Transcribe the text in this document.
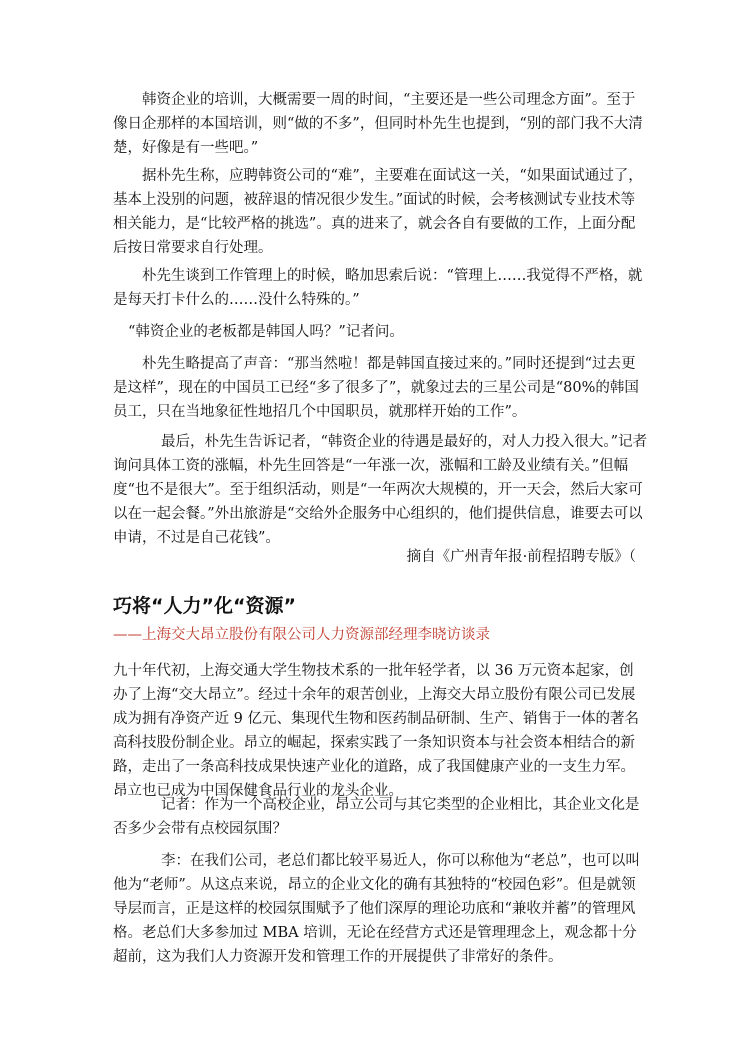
韩资企业的培训，大概需要一周的时间，“主要还是一些公司理念方面”。至于像日企那样的本国培训，则“做的不多”，但同时朴先生也提到，“别的部门我不大清楚，好像是有一些吧。”

据朴先生称，应聘韩资公司的“难”，主要难在面试这一关，“如果面试通过了，基本上没别的问题，被辞退的情况很少发生。”面试的时候，会考核测试专业技术等相关能力，是“比较严格的挑选”。真的进来了，就会各自有要做的工作，上面分配后按日常要求自行处理。

朴先生谈到工作管理上的时候，略加思索后说：“管理上……我觉得不严格，就是每天打卡什么的……没什么特殊的。”

“韩资企业的老板都是韩国人吗？”记者问。

朴先生略提高了声音：“那当然啦！都是韩国直接过来的。”同时还提到“过去更是这样”，现在的中国员工已经“多了很多了”，就象过去的三星公司是“80%的韩国员工，只在当地象征性地招几个中国职员，就那样开始的工作”。

最后，朴先生告诉记者，“韩资企业的待遇是最好的，对人力投入很大。”记者询问具体工资的涨幅，朴先生回答是“一年涨一次，涨幅和工龄及业绩有关。”但幅度“也不是很大”。至于组织活动，则是“一年两次大规模的，开一天会，然后大家可以在一起会餐。”外出旅游是“交给外企服务中心组织的，他们提供信息，谁要去可以申请，不过是自己花钱”。

摘自《广州青年报·前程招聘专版》（

巧将“人力”化“资源”

——上海交大昂立股份有限公司人力资源部经理李晓访谈录

九十年代初，上海交通大学生物技术系的一批年轻学者，以 36 万元资本起家，创办了上海“交大昂立”。经过十余年的艰苦创业，上海交大昂立股份有限公司已发展成为拥有净资产近 9 亿元、集现代生物和医药制品研制、生产、销售于一体的著名高科技股份制企业。昂立的崛起，探索实践了一条知识资本与社会资本相结合的新路，走出了一条高科技成果快速产业化的道路，成了我国健康产业的一支生力军。昂立也已成为中国保健食品行业的龙头企业。

记者：作为一个高校企业，昂立公司与其它类型的企业相比，其企业文化是否多少会带有点校园氛围？

李：在我们公司，老总们都比较平易近人，你可以称他为“老总”，也可以叫他为“老师”。从这点来说，昂立的企业文化的确有其独特的“校园色彩”。但是就领导层而言，正是这样的校园氛围赋予了他们深厚的理论功底和“兼收并蓄”的管理风格。老总们大多参加过 MBA 培训，无论在经营方式还是管理理念上，观念都十分超前，这为我们人力资源开发和管理工作的开展提供了非常好的条件。
